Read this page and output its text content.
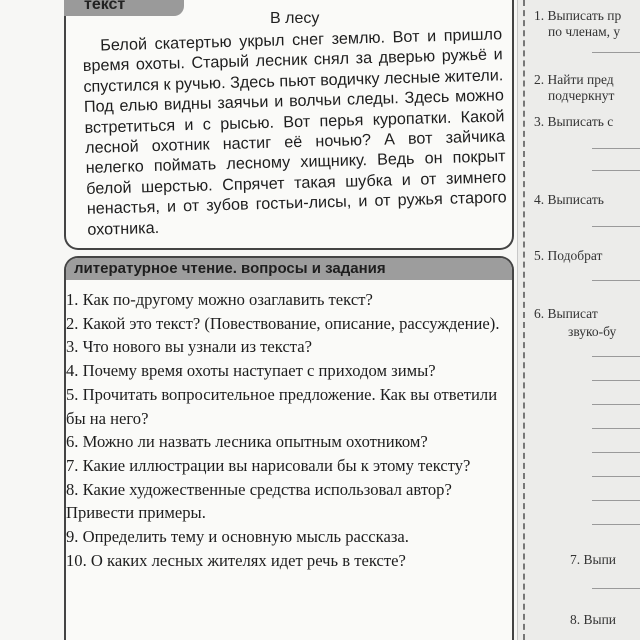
текст
В лесу
Белой скатертью укрыл снег землю. Вот и пришло время охоты. Старый лесник снял за дверью ружьё и спустился к ручью. Здесь пьют водичку лесные жители. Под елью видны заячьи и волчьи следы. Здесь можно встретиться и с рысью. Вот перья куропатки. Какой лесной охотник настиг её ночью? А вот зайчика нелегко поймать лесному хищнику. Ведь он покрыт белой шерстью. Спрячет такая шубка и от зимнего ненастья, и от зубов гостьи-лисы, и от ружья старого охотника.
литературное чтение. вопросы и задания
1. Как по-другому можно озаглавить текст?
2. Какой это текст? (Повествование, описание, рассуждение).
3. Что нового вы узнали из текста?
4. Почему время охоты наступает с приходом зимы?
5. Прочитать вопросительное предложение. Как вы ответили бы на него?
6. Можно ли назвать лесника опытным охотником?
7. Какие иллюстрации вы нарисовали бы к этому тексту?
8. Какие художественные средства использовал автор? Привести примеры.
9. Определить тему и основную мысль рассказа.
10. О каких лесных жителях идет речь в тексте?
1. Выписать пр
по членам, у
2. Найти пред
подчеркнут
3. Выписать с
4. Выписать
5. Подобрат
6. Выписат
звуко-бу
7. Выпи
8. Выпи
